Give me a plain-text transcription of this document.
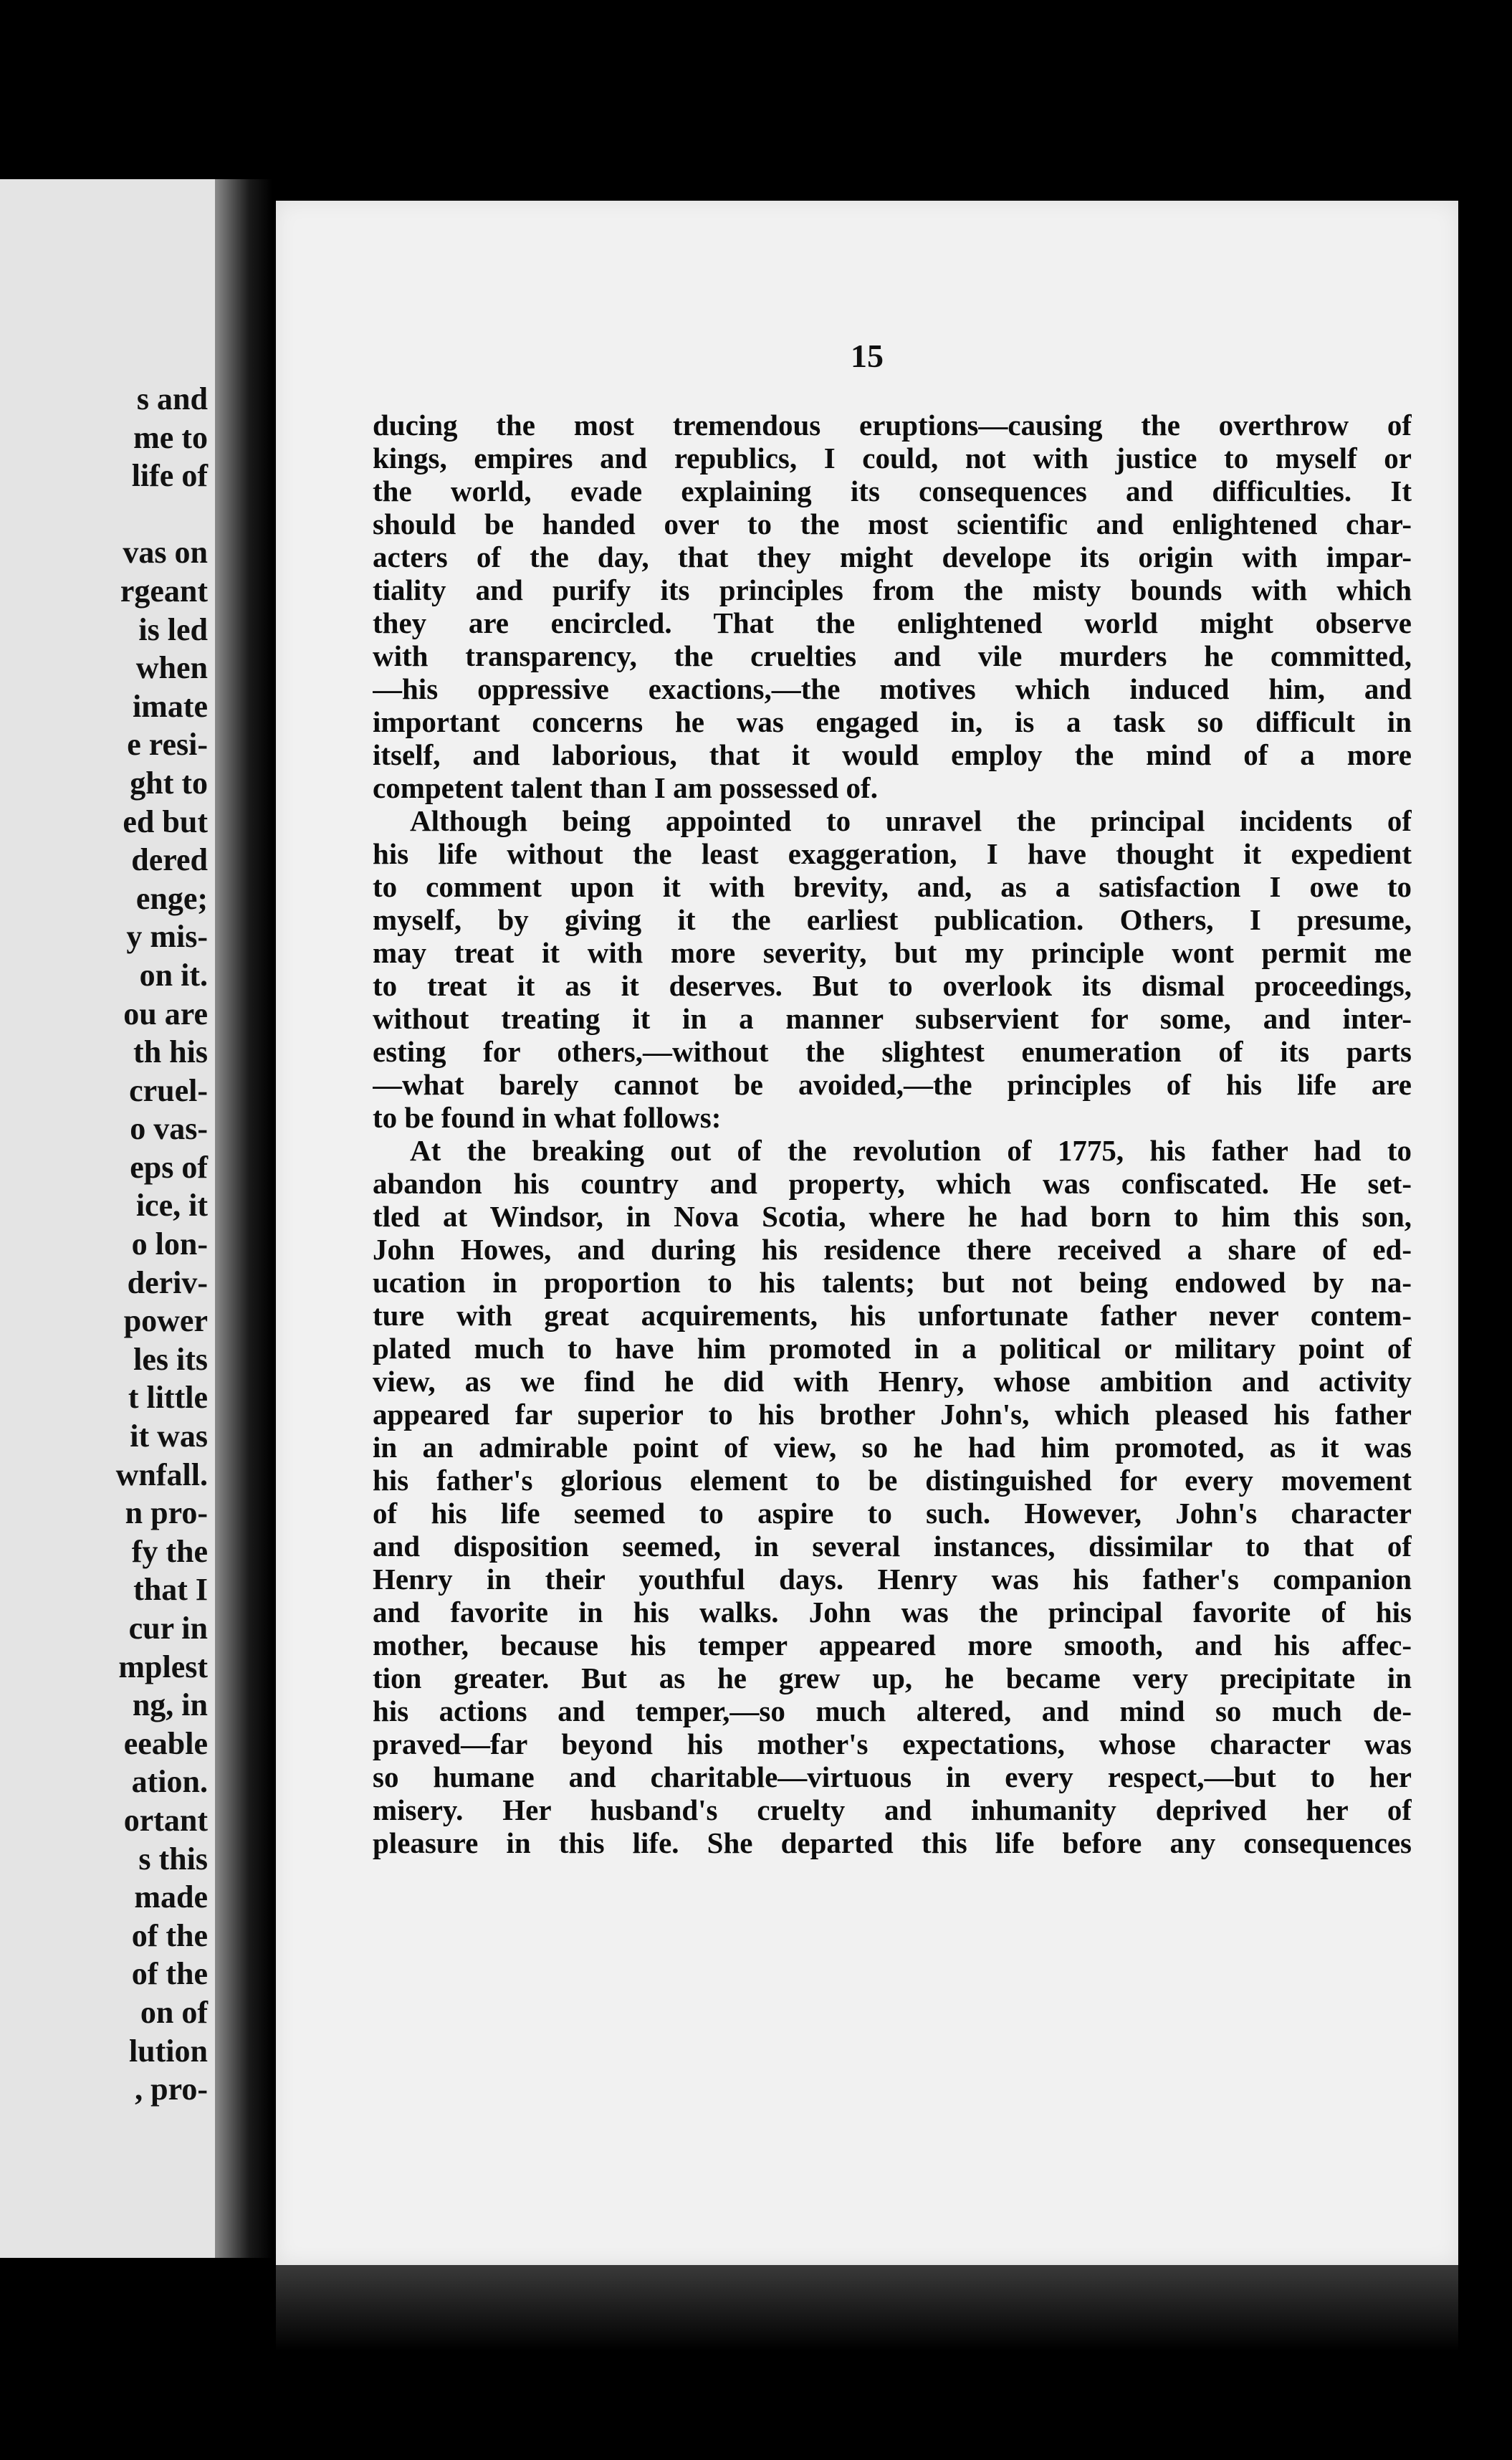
s and
me to
life of
vas on
rgeant
is led
when
imate
e resi-
ght to
ed but
dered
enge;
y mis-
on it.
ou are
th his
cruel-
o vas-
eps of
ice, it
o lon-
deriv-
power
les its
t little
it was
wnfall.
n pro-
fy the
that I
cur in
mplest
ng, in
eeable
ation.
ortant
s this
made
of the
of the
on of
lution
, pro-
15
ducing the most tremendous eruptions—causing the overthrow of
kings, empires and republics, I could, not with justice to myself or
the world, evade explaining its consequences and difficulties. It
should be handed over to the most scientific and enlightened char-
acters of the day, that they might develope its origin with impar-
tiality and purify its principles from the misty bounds with which
they are encircled. That the enlightened world might observe
with transparency, the cruelties and vile murders he committed,
—his oppressive exactions,—the motives which induced him, and
important concerns he was engaged in, is a task so difficult in
itself, and laborious, that it would employ the mind of a more
competent talent than I am possessed of.
Although being appointed to unravel the principal incidents of
his life without the least exaggeration, I have thought it expedient
to comment upon it with brevity, and, as a satisfaction I owe to
myself, by giving it the earliest publication. Others, I presume,
may treat it with more severity, but my principle wont permit me
to treat it as it deserves. But to overlook its dismal proceedings,
without treating it in a manner subservient for some, and inter-
esting for others,—without the slightest enumeration of its parts
—what barely cannot be avoided,—the principles of his life are
to be found in what follows:
At the breaking out of the revolution of 1775, his father had to
abandon his country and property, which was confiscated. He set-
tled at Windsor, in Nova Scotia, where he had born to him this son,
John Howes, and during his residence there received a share of ed-
ucation in proportion to his talents; but not being endowed by na-
ture with great acquirements, his unfortunate father never contem-
plated much to have him promoted in a political or military point of
view, as we find he did with Henry, whose ambition and activity
appeared far superior to his brother John's, which pleased his father
in an admirable point of view, so he had him promoted, as it was
his father's glorious element to be distinguished for every movement
of his life seemed to aspire to such. However, John's character
and disposition seemed, in several instances, dissimilar to that of
Henry in their youthful days. Henry was his father's companion
and favorite in his walks. John was the principal favorite of his
mother, because his temper appeared more smooth, and his affec-
tion greater. But as he grew up, he became very precipitate in
his actions and temper,—so much altered, and mind so much de-
praved—far beyond his mother's expectations, whose character was
so humane and charitable—virtuous in every respect,—but to her
misery. Her husband's cruelty and inhumanity deprived her of
pleasure in this life. She departed this life before any consequences
